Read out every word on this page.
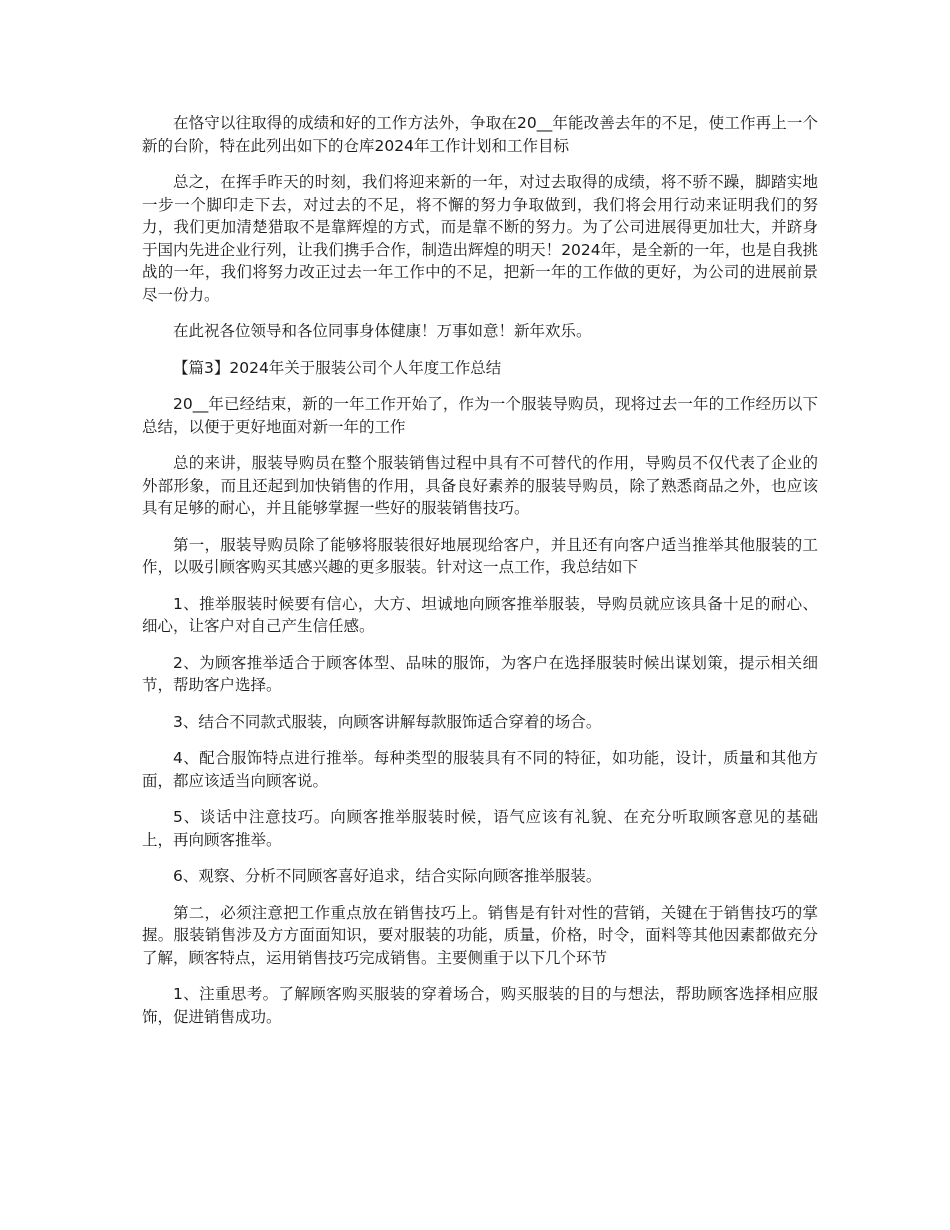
在恪守以往取得的成绩和好的工作方法外，争取在20__年能改善去年的不足，使工作再上一个新的台阶，特在此列出如下的仓库2024年工作计划和工作目标

总之，在挥手昨天的时刻，我们将迎来新的一年，对过去取得的成绩，将不骄不躁，脚踏实地一步一个脚印走下去，对过去的不足，将不懈的努力争取做到，我们将会用行动来证明我们的努力，我们更加清楚猎取不是靠辉煌的方式，而是靠不断的努力。为了公司进展得更加壮大，并跻身于国内先进企业行列，让我们携手合作，制造出辉煌的明天！2024年，是全新的一年，也是自我挑战的一年，我们将努力改正过去一年工作中的不足，把新一年的工作做的更好，为公司的进展前景尽一份力。

在此祝各位领导和各位同事身体健康！万事如意！新年欢乐。

【篇3】2024年关于服装公司个人年度工作总结

20__年已经结束，新的一年工作开始了，作为一个服装导购员，现将过去一年的工作经历以下总结，以便于更好地面对新一年的工作

总的来讲，服装导购员在整个服装销售过程中具有不可替代的作用，导购员不仅代表了企业的外部形象，而且还起到加快销售的作用，具备良好素养的服装导购员，除了熟悉商品之外，也应该具有足够的耐心，并且能够掌握一些好的服装销售技巧。

第一，服装导购员除了能够将服装很好地展现给客户，并且还有向客户适当推举其他服装的工作，以吸引顾客购买其感兴趣的更多服装。针对这一点工作，我总结如下

1、推举服装时候要有信心，大方、坦诚地向顾客推举服装，导购员就应该具备十足的耐心、细心，让客户对自己产生信任感。

2、为顾客推举适合于顾客体型、品味的服饰，为客户在选择服装时候出谋划策，提示相关细节，帮助客户选择。

3、结合不同款式服装，向顾客讲解每款服饰适合穿着的场合。

4、配合服饰特点进行推举。每种类型的服装具有不同的特征，如功能，设计，质量和其他方面，都应该适当向顾客说。

5、谈话中注意技巧。向顾客推举服装时候，语气应该有礼貌、在充分听取顾客意见的基础上，再向顾客推举。

6、观察、分析不同顾客喜好追求，结合实际向顾客推举服装。

第二，必须注意把工作重点放在销售技巧上。销售是有针对性的营销，关键在于销售技巧的掌握。服装销售涉及方方面面知识，要对服装的功能，质量，价格，时令，面料等其他因素都做充分了解，顾客特点，运用销售技巧完成销售。主要侧重于以下几个环节

1、注重思考。了解顾客购买服装的穿着场合，购买服装的目的与想法，帮助顾客选择相应服饰，促进销售成功。
